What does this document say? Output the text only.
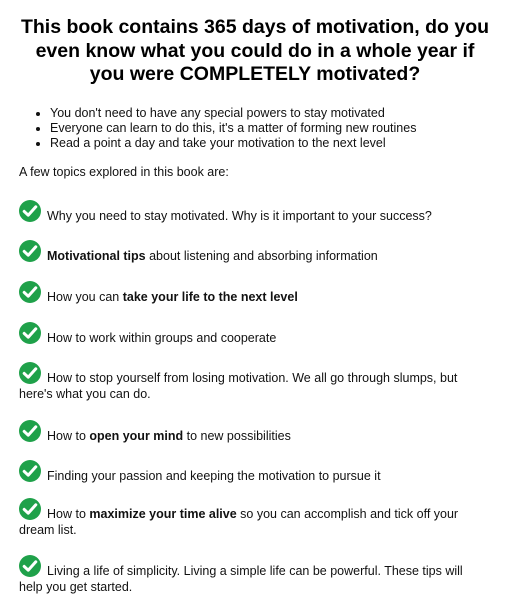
This book contains 365 days of motivation, do you even know what you could do in a whole year if you were COMPLETELY motivated?
• You don't need to have any special powers to stay motivated
• Everyone can learn to do this, it's a matter of forming new routines
• Read a point a day and take your motivation to the next level

A few topics explored in this book are:

Why you need to stay motivated. Why is it important to your success?
Motivational tips about listening and absorbing information
How you can take your life to the next level
How to work within groups and cooperate
How to stop yourself from losing motivation. We all go through slumps, but here's what you can do.
How to open your mind to new possibilities
Finding your passion and keeping the motivation to pursue it
How to maximize your time alive so you can accomplish and tick off your dream list.
Living a life of simplicity. Living a simple life can be powerful. These tips will help you get started.
